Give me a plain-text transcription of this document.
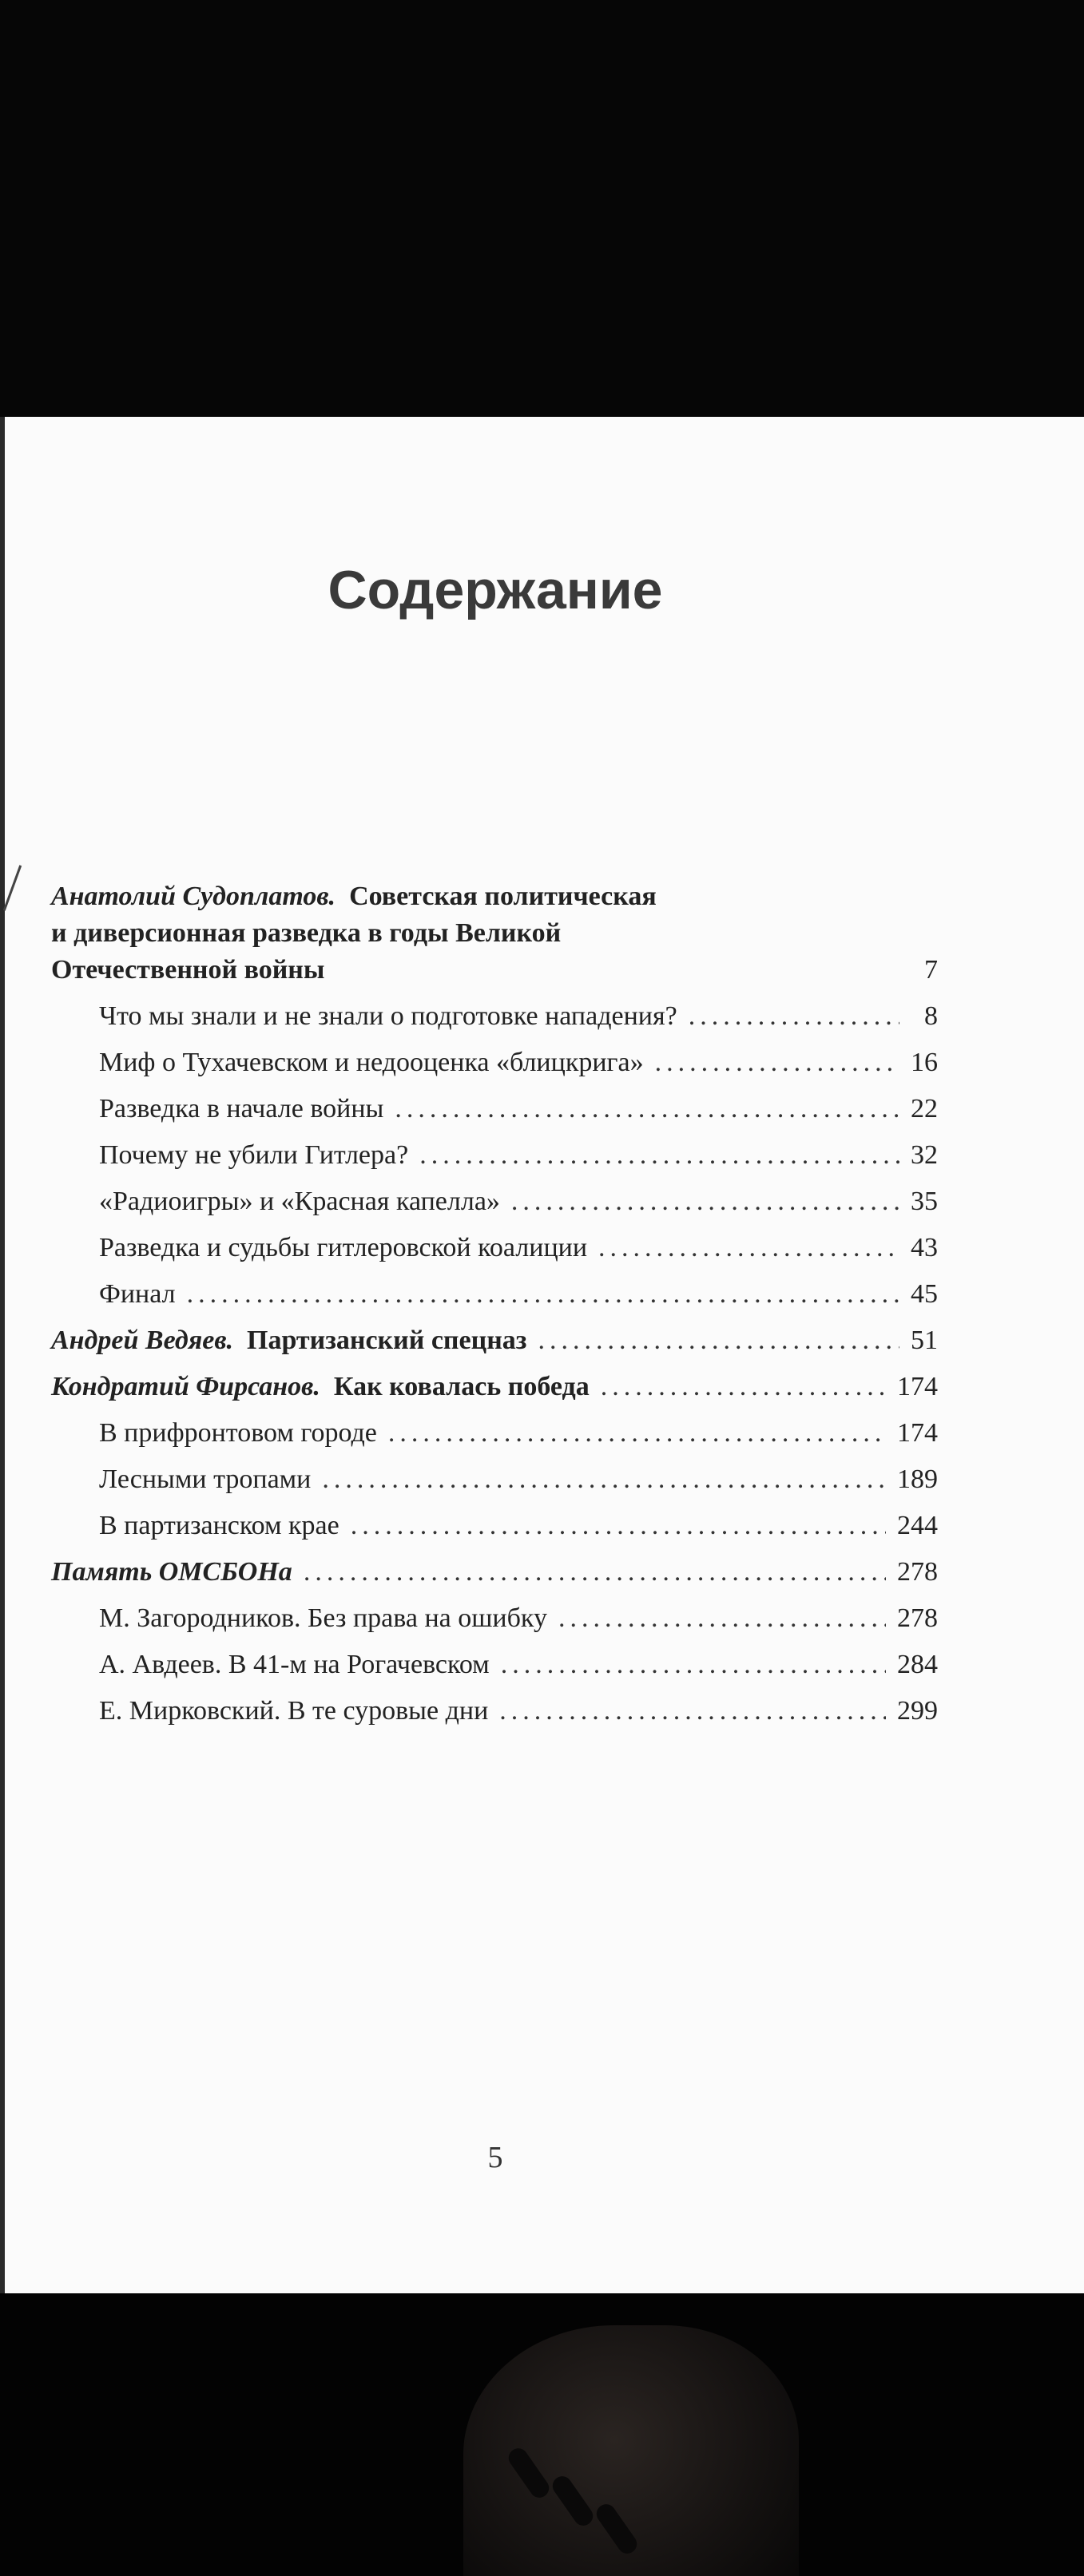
Содержание
Анатолий Судоплатов. Советская политическая
и диверсионная разведка в годы Великой
Отечественной войны	7
Что мы знали и не знали о подготовке нападения? .....	8
Миф о Тухачевском и недооценка «блицкрига» .....	16
Разведка в начале войны .....	22
Почему не убили Гитлера? .....	32
«Радиоигры» и «Красная капелла» .....	35
Разведка и судьбы гитлеровской коалиции .....	43
Финал .....	45
Андрей Ведяев. Партизанский спецназ .....	51
Кондратий Фирсанов. Как ковалась победа .....	174
В прифронтовом городе .....	174
Лесными тропами .....	189
В партизанском крае .....	244
Память ОМСБОНа .....	278
М. Загородников. Без права на ошибку .....	278
А. Авдеев. В 41-м на Рогачевском .....	284
Е. Мирковский. В те суровые дни .....	299
5
